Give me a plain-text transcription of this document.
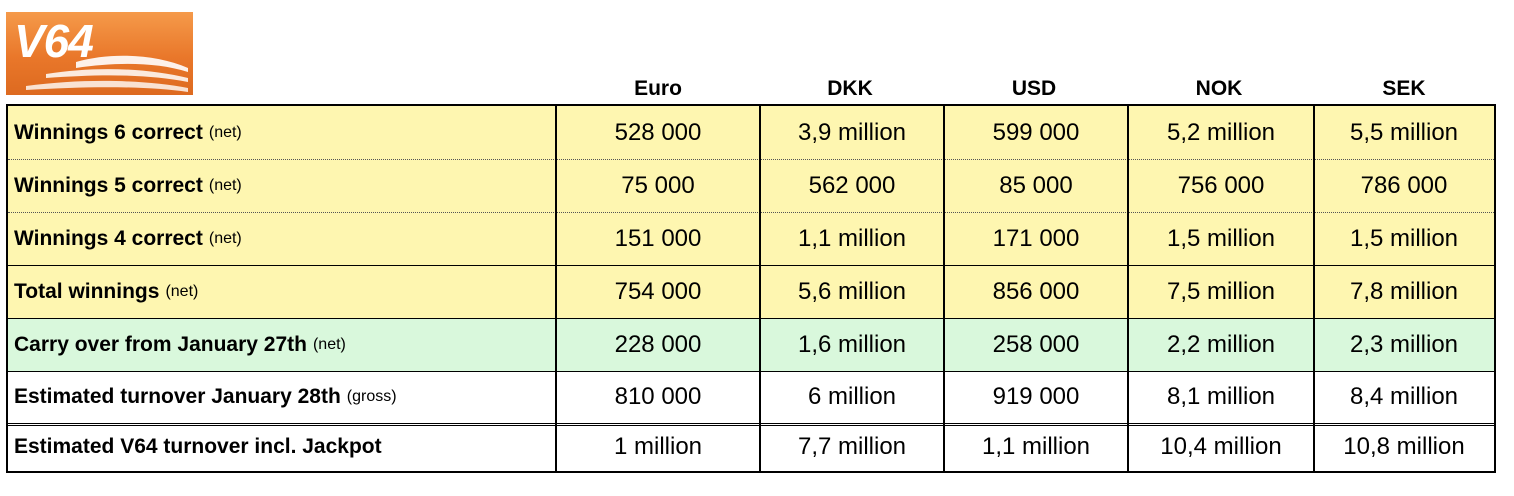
V64
Euro	DKK	USD	NOK	SEK
Winnings 6 correct (net)	528 000	3,9 million	599 000	5,2 million	5,5 million
Winnings 5 correct (net)	75 000	562 000	85 000	756 000	786 000
Winnings 4 correct (net)	151 000	1,1 million	171 000	1,5 million	1,5 million
Total winnings (net)	754 000	5,6 million	856 000	7,5 million	7,8 million
Carry over from January 27th (net)	228 000	1,6 million	258 000	2,2 million	2,3 million
Estimated turnover January 28th (gross)	810 000	6 million	919 000	8,1 million	8,4 million
Estimated V64 turnover incl. Jackpot	1 million	7,7 million	1,1 million	10,4 million	10,8 million
